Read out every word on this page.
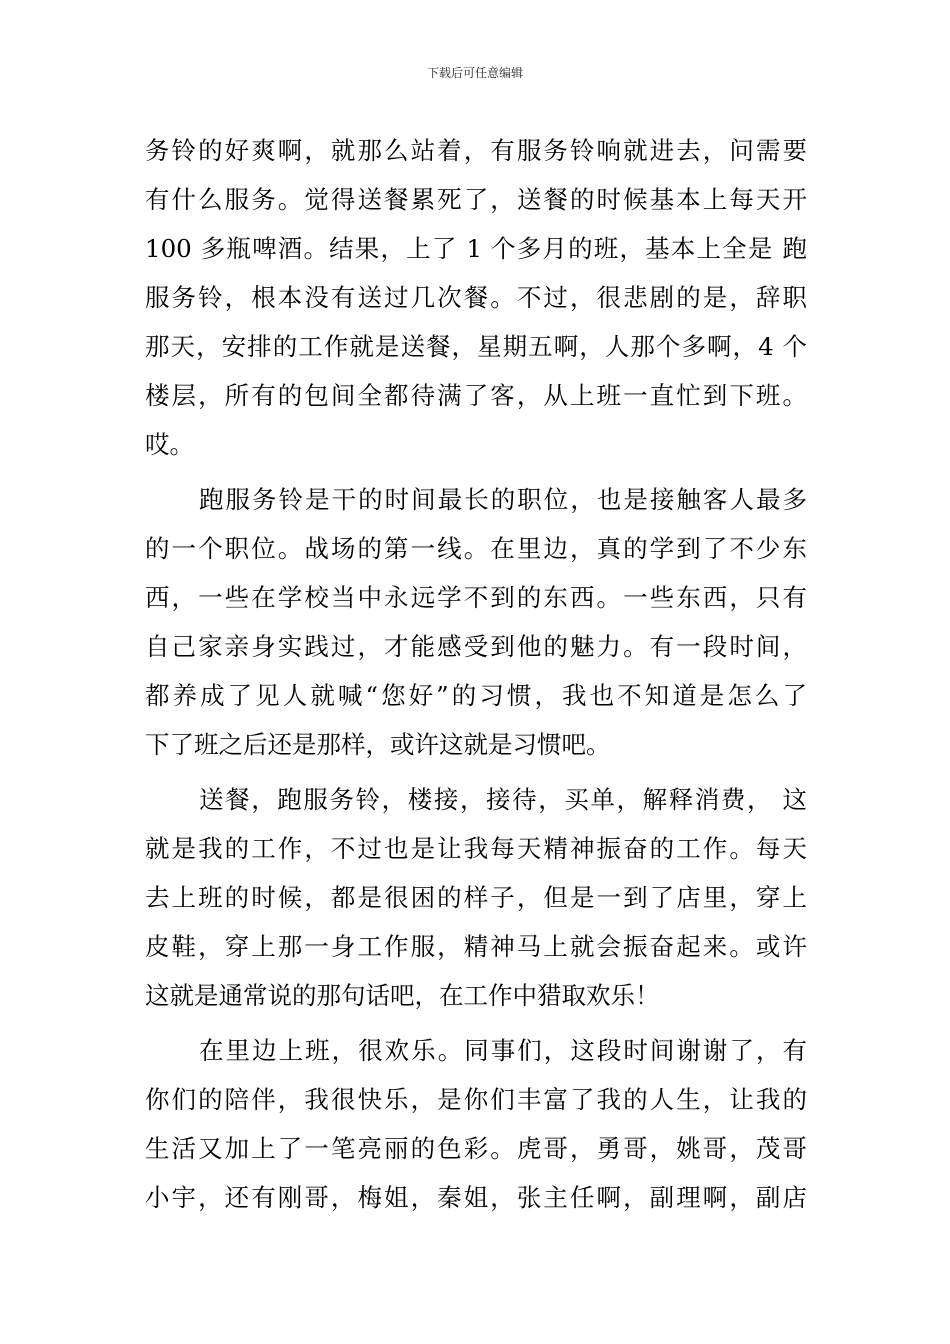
下载后可任意编辑
务铃的好爽啊，就那么站着，有服务铃响就进去，问需要
有什么服务。觉得送餐累死了，送餐的时候基本上每天开
100 多瓶啤酒。结果，上了 1 个多月的班，基本上全是 跑
服务铃，根本没有送过几次餐。不过，很悲剧的是，辞职
那天，安排的工作就是送餐，星期五啊，人那个多啊，4 个
楼层，所有的包间全都待满了客，从上班一直忙到下班。
哎。
跑服务铃是干的时间最长的职位，也是接触客人最多
的一个职位。战场的第一线。在里边，真的学到了不少东
西，一些在学校当中永远学不到的东西。一些东西，只有
自己家亲身实践过，才能感受到他的魅力。有一段时间，
都养成了见人就喊“您好”的习惯，我也不知道是怎么了
下了班之后还是那样，或许这就是习惯吧。
送餐，跑服务铃，楼接，接待，买单，解释消费， 这
就是我的工作，不过也是让我每天精神振奋的工作。每天
去上班的时候，都是很困的样子，但是一到了店里，穿上
皮鞋，穿上那一身工作服，精神马上就会振奋起来。或许
这就是通常说的那句话吧，在工作中猎取欢乐！
在里边上班，很欢乐。同事们，这段时间谢谢了，有
你们的陪伴，我很快乐，是你们丰富了我的人生，让我的
生活又加上了一笔亮丽的色彩。虎哥，勇哥，姚哥，茂哥
小宇，还有刚哥，梅姐，秦姐，张主任啊，副理啊，副店
